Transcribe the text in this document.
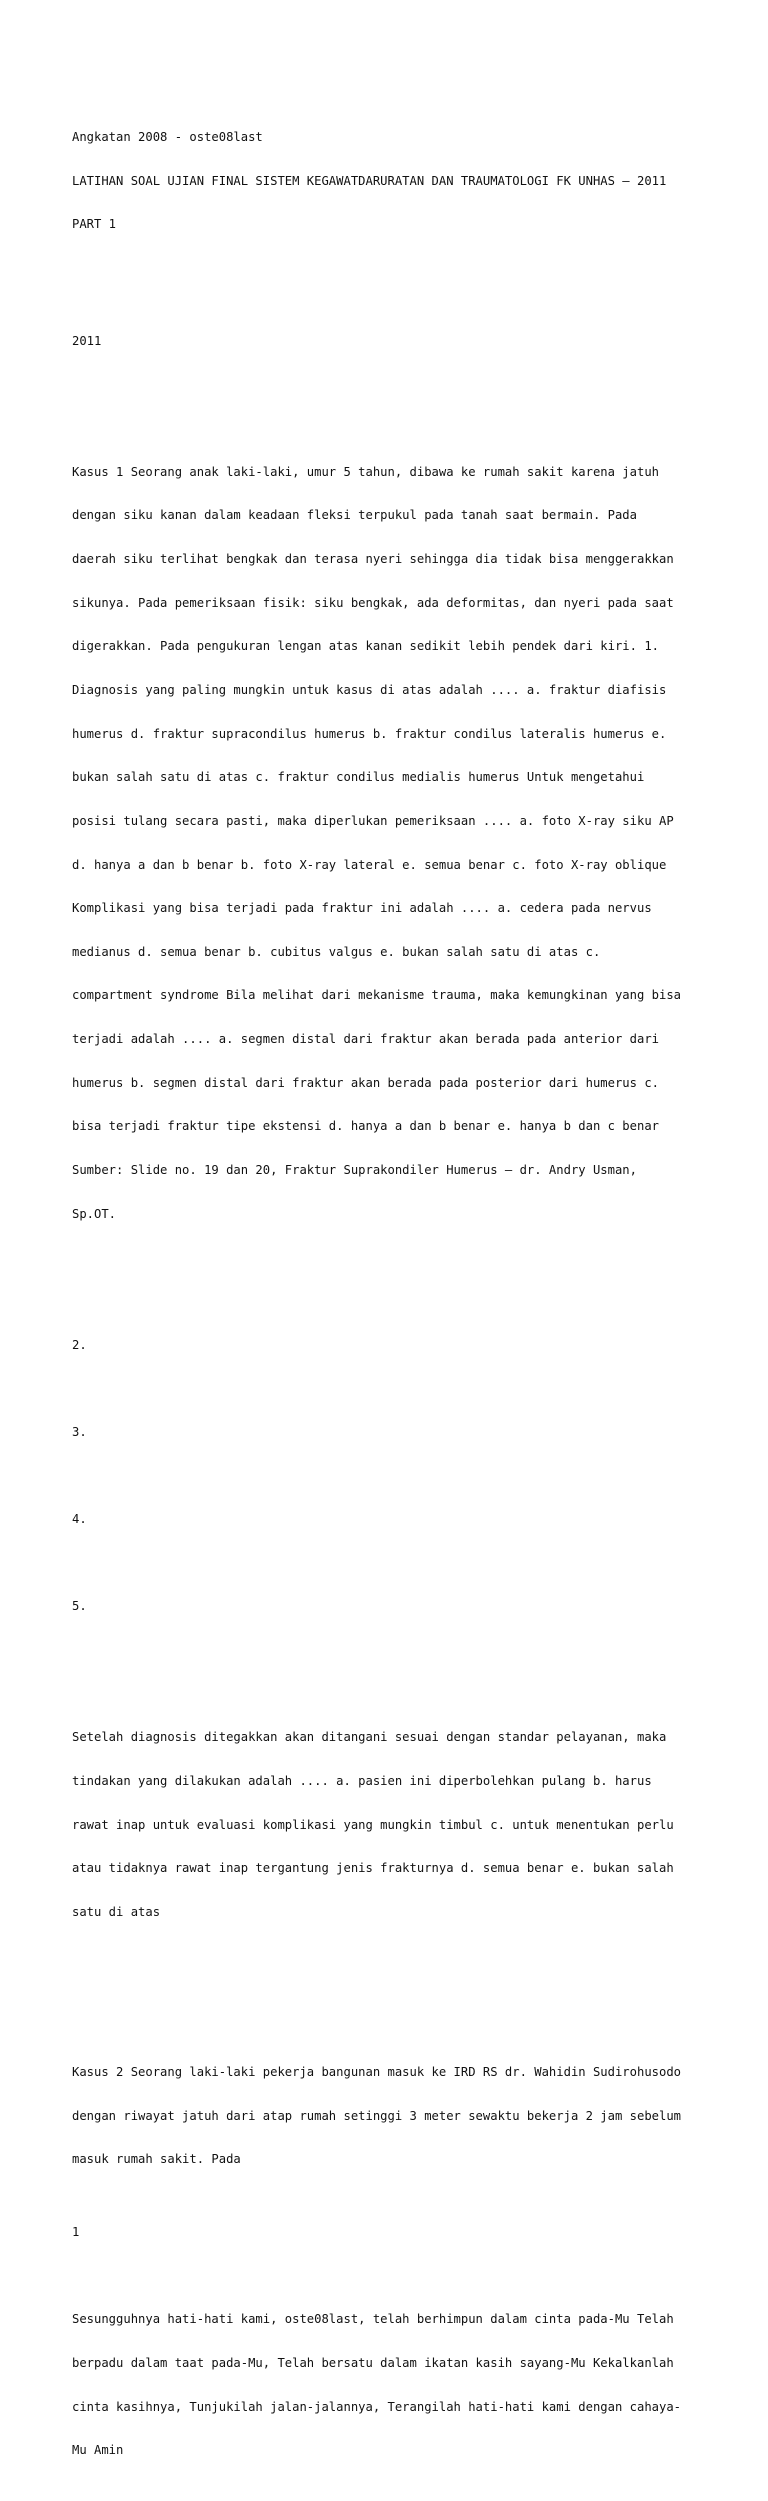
Angkatan 2008 - oste08last

LATIHAN SOAL UJIAN FINAL SISTEM KEGAWATDARURATAN DAN TRAUMATOLOGI FK UNHAS – 2011

PART 1

2011

Kasus 1 Seorang anak laki-laki, umur 5 tahun, dibawa ke rumah sakit karena jatuh

dengan siku kanan dalam keadaan fleksi terpukul pada tanah saat bermain. Pada

daerah siku terlihat bengkak dan terasa nyeri sehingga dia tidak bisa menggerakkan

sikunya. Pada pemeriksaan fisik: siku bengkak, ada deformitas, dan nyeri pada saat

digerakkan. Pada pengukuran lengan atas kanan sedikit lebih pendek dari kiri. 1.

Diagnosis yang paling mungkin untuk kasus di atas adalah .... a. fraktur diafisis

humerus d. fraktur supracondilus humerus b. fraktur condilus lateralis humerus e.

bukan salah satu di atas c. fraktur condilus medialis humerus Untuk mengetahui

posisi tulang secara pasti, maka diperlukan pemeriksaan .... a. foto X-ray siku AP

d. hanya a dan b benar b. foto X-ray lateral e. semua benar c. foto X-ray oblique

Komplikasi yang bisa terjadi pada fraktur ini adalah .... a. cedera pada nervus

medianus d. semua benar b. cubitus valgus e. bukan salah satu di atas c.

compartment syndrome Bila melihat dari mekanisme trauma, maka kemungkinan yang bisa

terjadi adalah .... a. segmen distal dari fraktur akan berada pada anterior dari

humerus b. segmen distal dari fraktur akan berada pada posterior dari humerus c.

bisa terjadi fraktur tipe ekstensi d. hanya a dan b benar e. hanya b dan c benar

Sumber: Slide no. 19 dan 20, Fraktur Suprakondiler Humerus – dr. Andry Usman,

Sp.OT.

2.

3.

4.

5.

Setelah diagnosis ditegakkan akan ditangani sesuai dengan standar pelayanan, maka

tindakan yang dilakukan adalah .... a. pasien ini diperbolehkan pulang b. harus

rawat inap untuk evaluasi komplikasi yang mungkin timbul c. untuk menentukan perlu

atau tidaknya rawat inap tergantung jenis frakturnya d. semua benar e. bukan salah

satu di atas

Kasus 2 Seorang laki-laki pekerja bangunan masuk ke IRD RS dr. Wahidin Sudirohusodo

dengan riwayat jatuh dari atap rumah setinggi 3 meter sewaktu bekerja 2 jam sebelum

masuk rumah sakit. Pada

1

Sesungguhnya hati-hati kami, oste08last, telah berhimpun dalam cinta pada-Mu Telah

berpadu dalam taat pada-Mu, Telah bersatu dalam ikatan kasih sayang-Mu Kekalkanlah

cinta kasihnya, Tunjukilah jalan-jalannya, Terangilah hati-hati kami dengan cahaya-

Mu Amin
